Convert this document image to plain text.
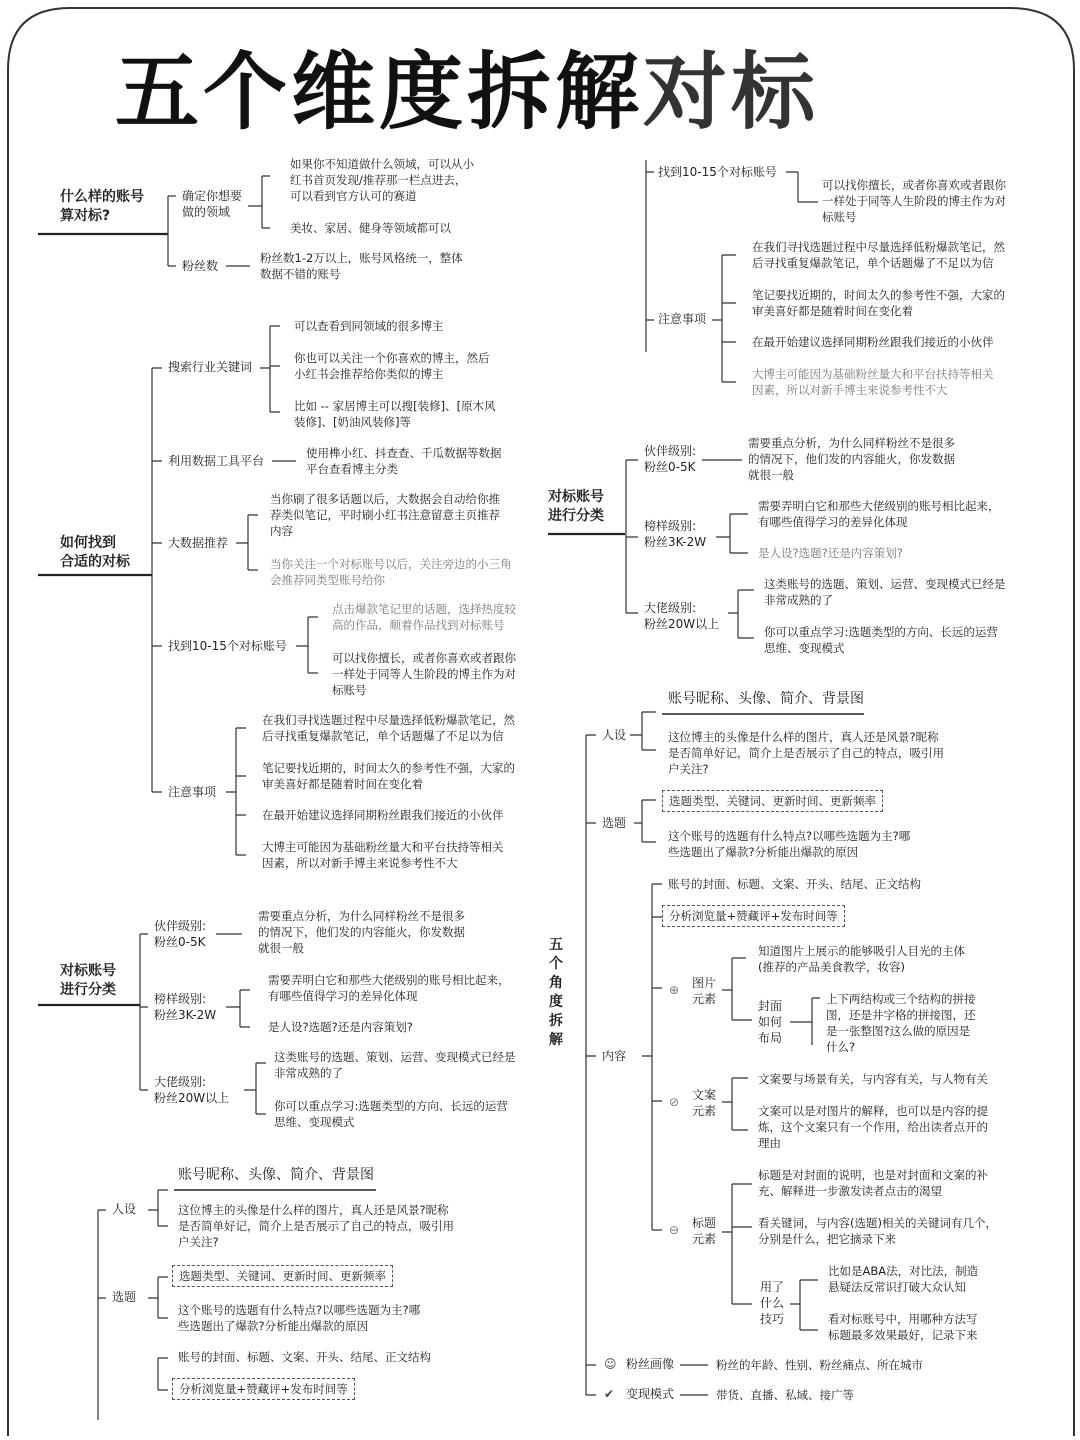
五个维度拆解对标
什么样的账号
算对标?
确定你想要
做的领域
如果你不知道做什么领域，可以从小
红书首页发现/推荐那一栏点进去，
可以看到官方认可的赛道
美妆、家居、健身等领域都可以
粉丝数
粉丝数1-2万以上，账号风格统一，整体
数据不错的账号
如何找到
合适的对标
搜索行业关键词
可以查看到同领域的很多博主
你也可以关注一个你喜欢的博主，然后
小红书会推荐给你类似的博主
比如 -- 家居博主可以搜[装修]、[原木风
装修]、[奶油风装修]等
利用数据工具平台
使用榫小红、抖查查、千瓜数据等数据
平台查看博主分类
大数据推荐
当你刷了很多话题以后，大数据会自动给你推
荐类似笔记，平时刷小红书注意留意主页推荐
内容
当你关注一个对标账号以后，关注旁边的小三角
会推荐同类型账号给你
找到10-15个对标账号
点击爆款笔记里的话题，选择热度较
高的作品，顺着作品找到对标账号
可以找你擅长，或者你喜欢或者跟你
一样处于同等人生阶段的博主作为对
标账号
注意事项
在我们寻找选题过程中尽量选择低粉爆款笔记，然
后寻找重复爆款笔记，单个话题爆了不足以为信
笔记要找近期的，时间太久的参考性不强，大家的
审美喜好都是随着时间在变化着
在最开始建议选择同期粉丝跟我们接近的小伙伴
大博主可能因为基础粉丝量大和平台扶持等相关
因素，所以对新手博主来说参考性不大
对标账号
进行分类
伙伴级别:
粉丝0-5K
需要重点分析，为什么同样粉丝不是很多
的情况下，他们发的内容能火，你发数据
就很一般
榜样级别:
粉丝3K-2W
需要弄明白它和那些大佬级别的账号相比起来，
有哪些值得学习的差异化体现
是人设?选题?还是内容策划?
大佬级别:
粉丝20W以上
这类账号的选题、策划、运营、变现模式已经是
非常成熟的了
你可以重点学习:选题类型的方向、长远的运营
思维、变现模式
账号昵称、头像、简介、背景图
人设	这位博主的头像是什么样的图片，真人还是风景?昵称
是否简单好记，简介上是否展示了自己的特点，吸引用
户关注?
选题
选题类型、关键词、更新时间、更新频率
这个账号的选题有什么特点?以哪些选题为主?哪
些选题出了爆款?分析能出爆款的原因
账号的封面、标题、文案、开头、结尾、正文结构
分析浏览量+赞藏评+发布时间等
找到10-15个对标账号
可以找你擅长，或者你喜欢或者跟你
一样处于同等人生阶段的博主作为对
标账号
注意事项
在我们寻找选题过程中尽量选择低粉爆款笔记，然
后寻找重复爆款笔记，单个话题爆了不足以为信
笔记要找近期的，时间太久的参考性不强，大家的
审美喜好都是随着时间在变化着
在最开始建议选择同期粉丝跟我们接近的小伙伴
大博主可能因为基础粉丝量大和平台扶持等相关
因素，所以对新手博主来说参考性不大
对标账号
进行分类
伙伴级别:
粉丝0-5K
需要重点分析，为什么同样粉丝不是很多
的情况下，他们发的内容能火，你发数据
就很一般
榜样级别:
粉丝3K-2W
需要弄明白它和那些大佬级别的账号相比起来，
有哪些值得学习的差异化体现
是人设?选题?还是内容策划?
大佬级别:
粉丝20W以上
这类账号的选题、策划、运营、变现模式已经是
非常成熟的了
你可以重点学习:选题类型的方向、长远的运营
思维、变现模式
五个角度拆解
账号昵称、头像、简介、背景图
人设	这位博主的头像是什么样的图片，真人还是风景?昵称
是否简单好记，简介上是否展示了自己的特点，吸引用
户关注?
选题
选题类型、关键词、更新时间、更新频率
这个账号的选题有什么特点?以哪些选题为主?哪
些选题出了爆款?分析能出爆款的原因
内容
账号的封面、标题、文案、开头、结尾、正文结构
分析浏览量+赞藏评+发布时间等
⊕ 图片
元素
知道图片上展示的能够吸引人目光的主体
(推荐的产品美食教学，妆容)
封面
如何
布局
上下两结构或三个结构的拼接
图，还是井字格的拼接图，还
是一张整图?这么做的原因是
什么?
⊘ 文案
元素
文案要与场景有关，与内容有关，与人物有关
文案可以是对图片的解释，也可以是内容的提
炼，这个文案只有一个作用，给出读者点开的
理由
⊖ 标题
元素
标题是对封面的说明，也是对封面和文案的补
充、解释进一步激发读者点击的渴望
看关键词，与内容(选题)相关的关键词有几个，
分别是什么，把它摘录下来
用了
什么
技巧
比如是ABA法，对比法，制造
悬疑法反常识打破大众认知
看对标账号中，用哪种方法写
标题最多效果最好，记录下来
☺ 粉丝画像	粉丝的年龄、性别、粉丝痛点、所在城市
✔ 变现模式	带货、直播、私域、接广等
